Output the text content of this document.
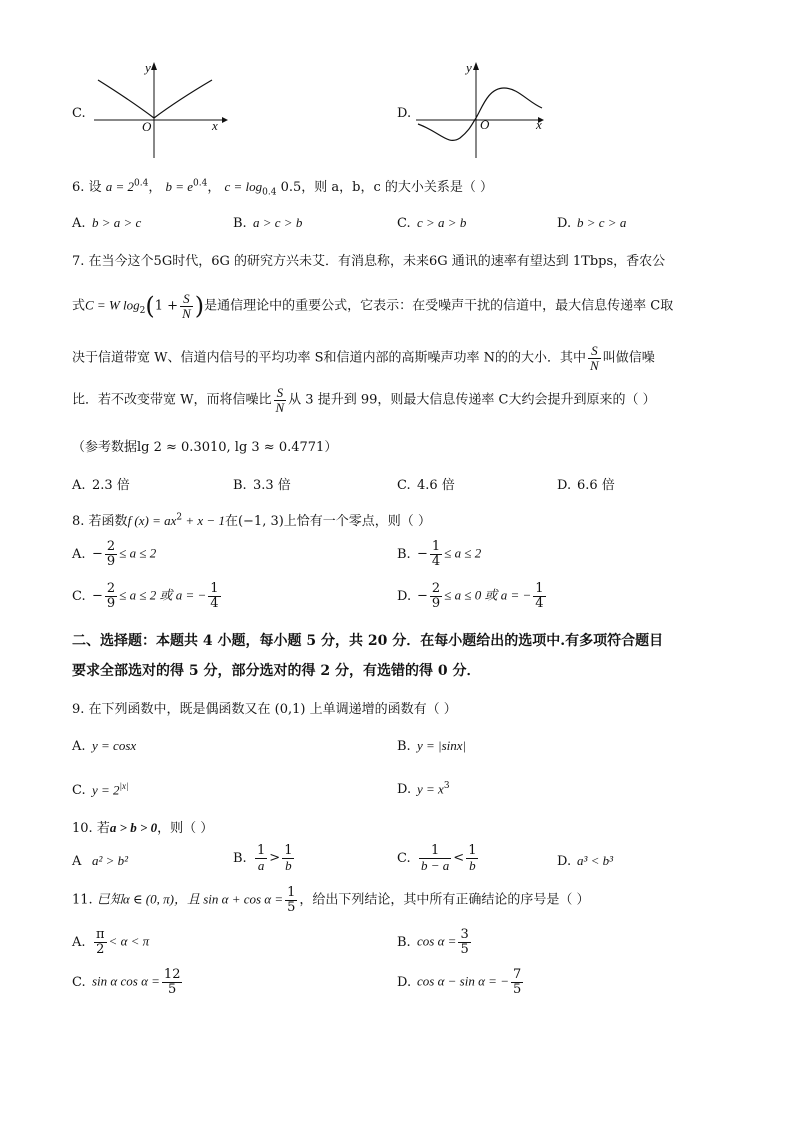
C.
y
x
O
D.
y
x
O
6. 设 $a = 2^{0.4}$， $b = e^{0.4}$， $c = \log_{0.4} 0.5$，则 a，b，c 的大小关系是（ ）
A. b > a > c	B. a > c > b	C. c > a > b	D. b > c > a
7. 在当今这个5G时代，6G 的研究方兴未艾．有消息称，未来6G 通讯的速率有望达到 1Tbps，香农公
式C = W $\log_2(1 + \frac{S}{N}$ )是通信理论中的重要公式，它表示：在受噪声干扰的信道中，最大信息传递率 C取
决于信道带宽 W、信道内信号的平均功率 S和信道内部的高斯噪声功率 N的的大小．其中 $\frac{S}{N}$ 叫做信噪
比．若不改变带宽 W，而将信噪比 $\frac{S}{N}$ 从 3 提升到 99，则最大信息传递率 C大约会提升到原来的（ ）
（参考数据lg 2 ≈ 0.3010, lg 3 ≈ 0.4771）
A. 2.3 倍	B. 3.3 倍	C. 4.6 倍	D. 6.6 倍
8. 若函数f $(x) = ax^2 + x - 1$在(−1, 3)上恰有一个零点，则（ ）
A. − $\frac{2}{9} \le a \le 2$	B. − $\frac{1}{4} \le a \le 2$
C. − $\frac{2}{9} \le a \le 2$ 或 a = − $\frac{1}{4}$	D. − $\frac{2}{9} \le a \le 0$ 或 a = − $\frac{1}{4}$
二、选择题：本题共 4 小题，每小题 5 分，共 20 分．在每小题给出的选项中.有多项符合题目
要求全部选对的得 5 分，部分选对的得 2 分，有选错的得 0 分．
9. 在下列函数中，既是偶函数又在 (0,1) 上单调递增的函数有（ ）
A. y = cosx	B. y = |sinx|
C. $y = 2^{|x|}$	D. $y = x^3$
10. 若a > b > 0，则（ ）
A a² > b²	B. $\frac{1}{a} > \frac{1}{b}$	C. $\frac{1}{b - a} < \frac{1}{b}$	D. a³ < b³
11. 已知α ∈ (0, π)，且 $\sin \alpha + \cos \alpha = \frac{1}{5}$ ，给出下列结论，其中所有正确结论的序号是（ ）
A. $\frac{\pi}{2} < \alpha < \pi$	B. $\cos \alpha = \frac{3}{5}$
C. sin α $\cos \alpha = \frac{12}{5}$	D. cos α − sin α = − $\frac{7}{5}$
